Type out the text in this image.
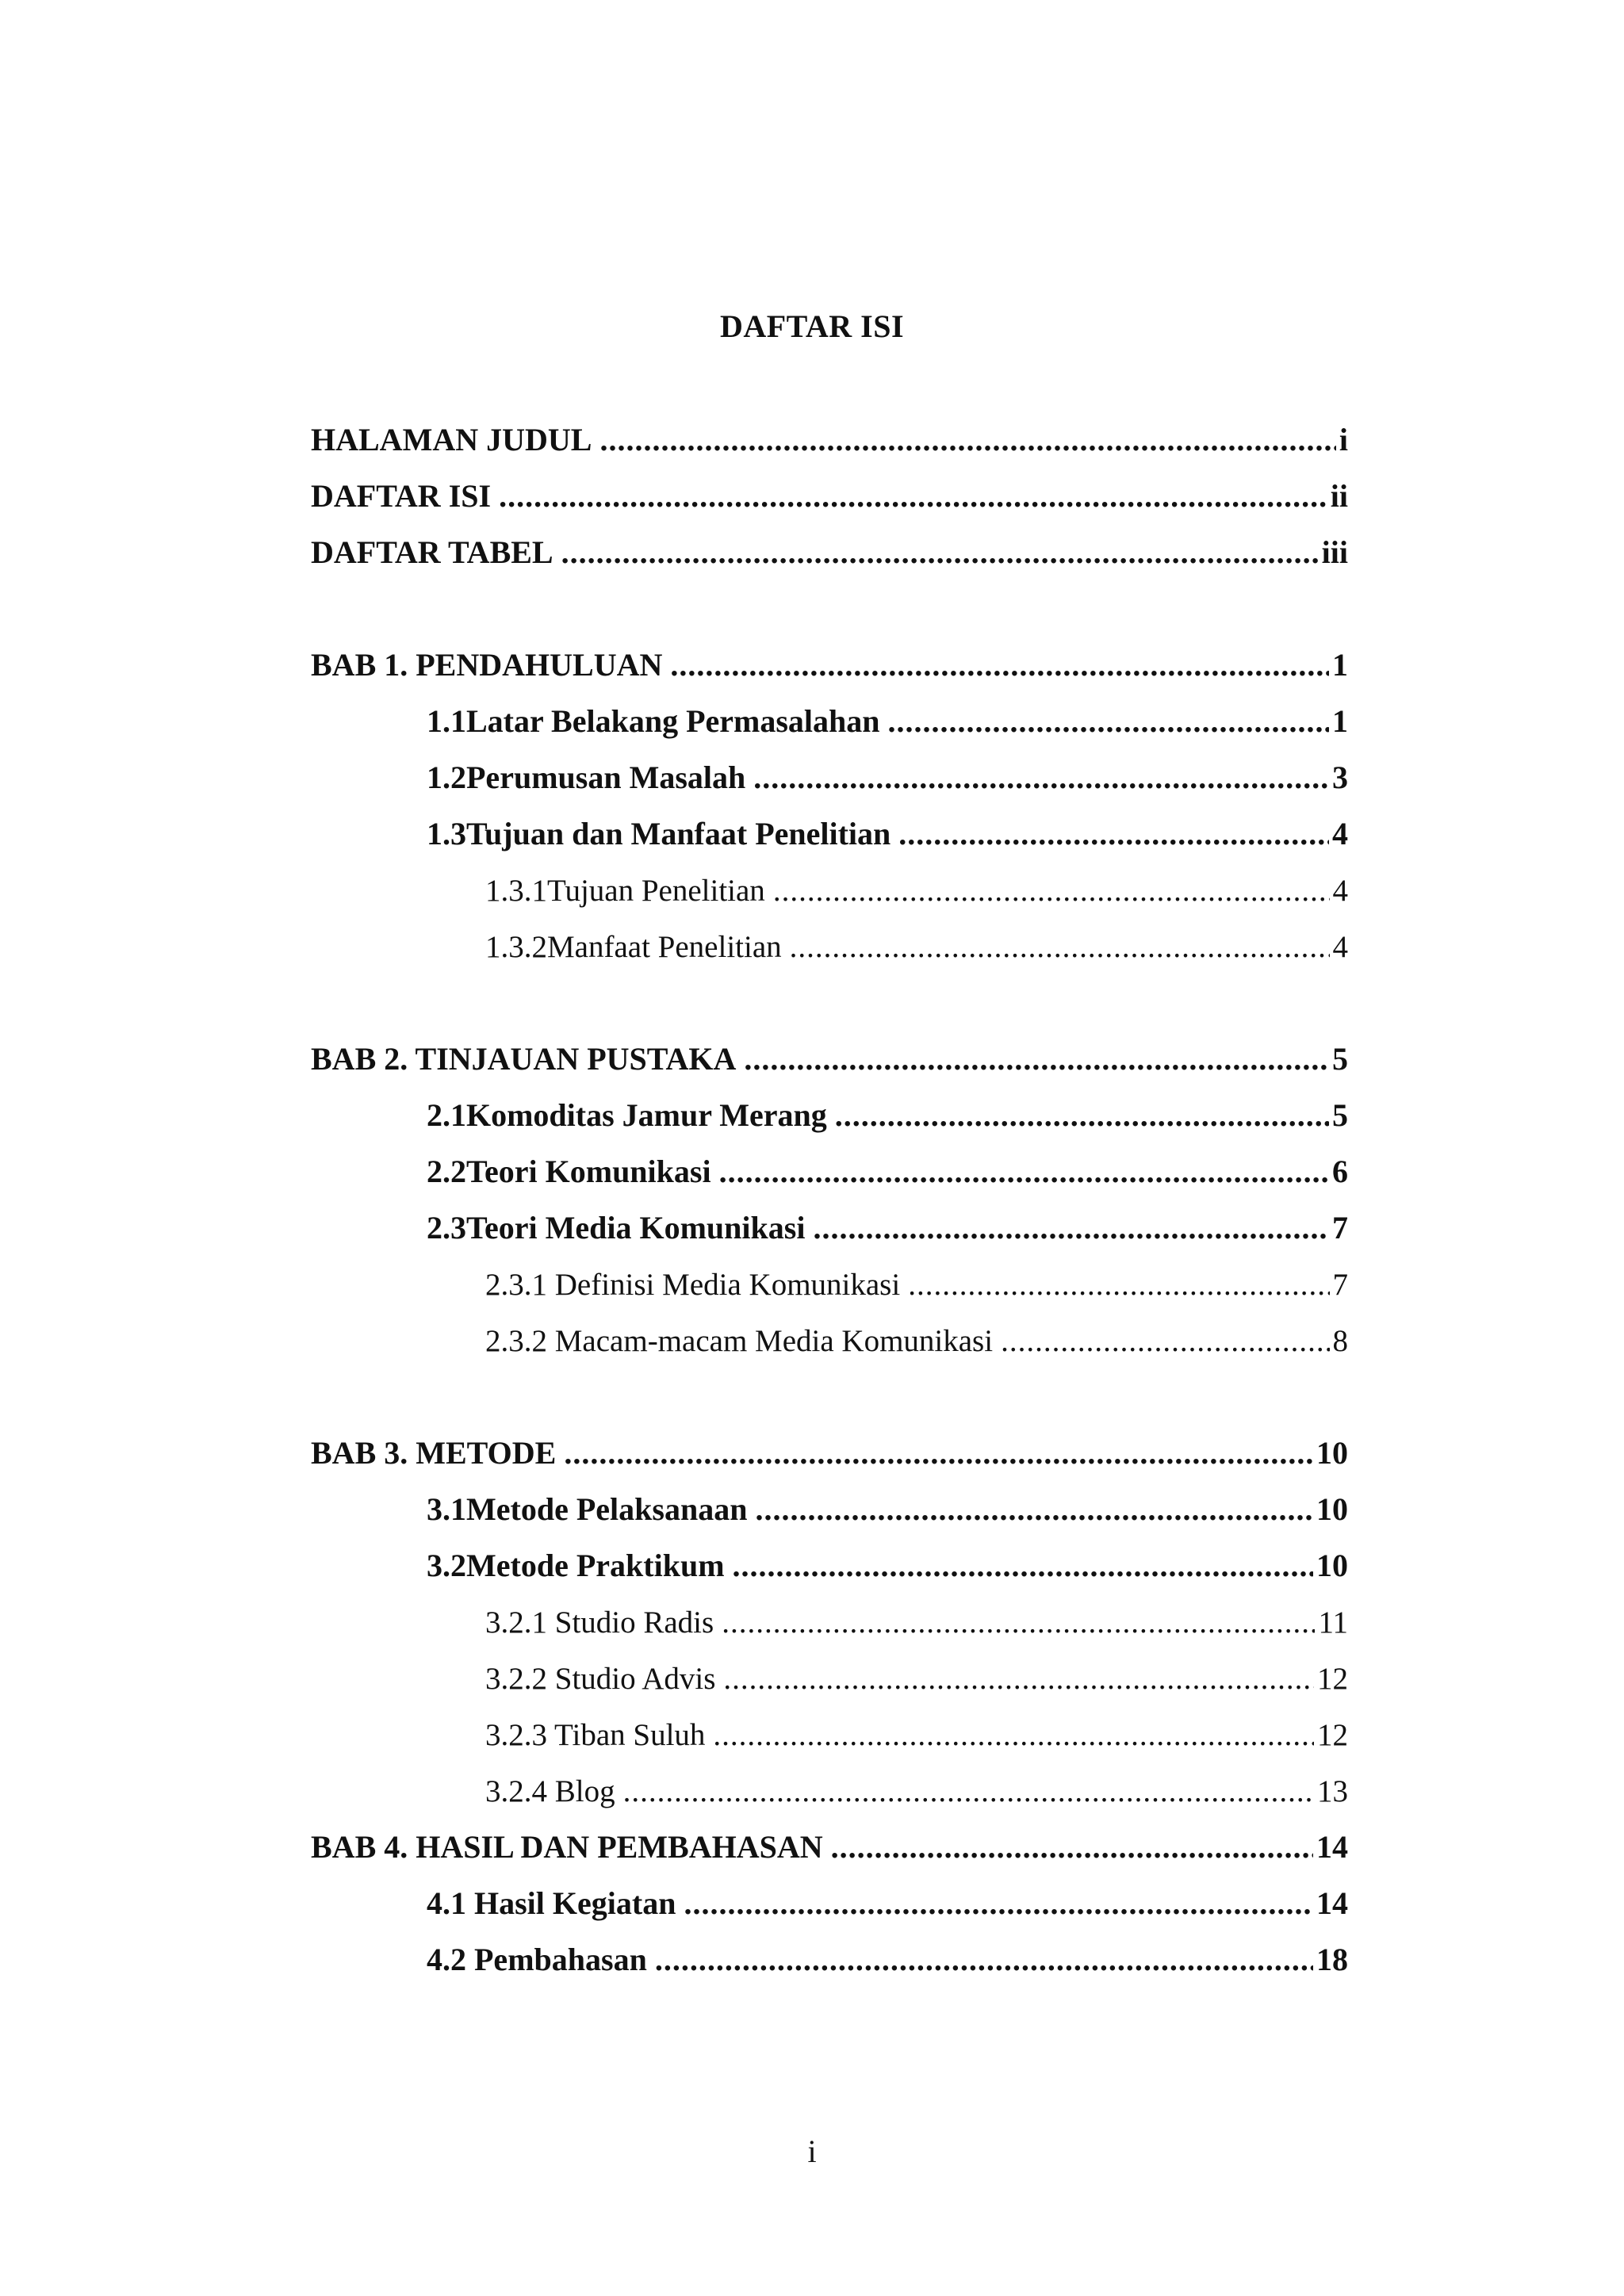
DAFTAR ISI
HALAMAN JUDUL .....	i
DAFTAR ISI .....	ii
DAFTAR TABEL .....	iii
BAB 1. PENDAHULUAN .....	1
1.1 Latar Belakang Permasalahan .....	1
1.2 Perumusan Masalah .....	3
1.3 Tujuan dan Manfaat Penelitian .....	4
1.3.1 Tujuan Penelitian .....	4
1.3.2 Manfaat Penelitian .....	4
BAB 2. TINJAUAN PUSTAKA .....	5
2.1 Komoditas Jamur Merang .....	5
2.2 Teori Komunikasi .....	6
2.3 Teori Media Komunikasi .....	7
2.3.1 Definisi Media Komunikasi .....	7
2.3.2 Macam-macam Media Komunikasi .....	8
BAB 3. METODE .....	10
3.1 Metode Pelaksanaan .....	10
3.2 Metode Praktikum .....	10
3.2.1 Studio Radis .....	11
3.2.2 Studio Advis .....	12
3.2.3 Tiban Suluh .....	12
3.2.4 Blog .....	13
BAB 4. HASIL DAN PEMBAHASAN .....	14
4.1 Hasil Kegiatan .....	14
4.2 Pembahasan .....	18
i
